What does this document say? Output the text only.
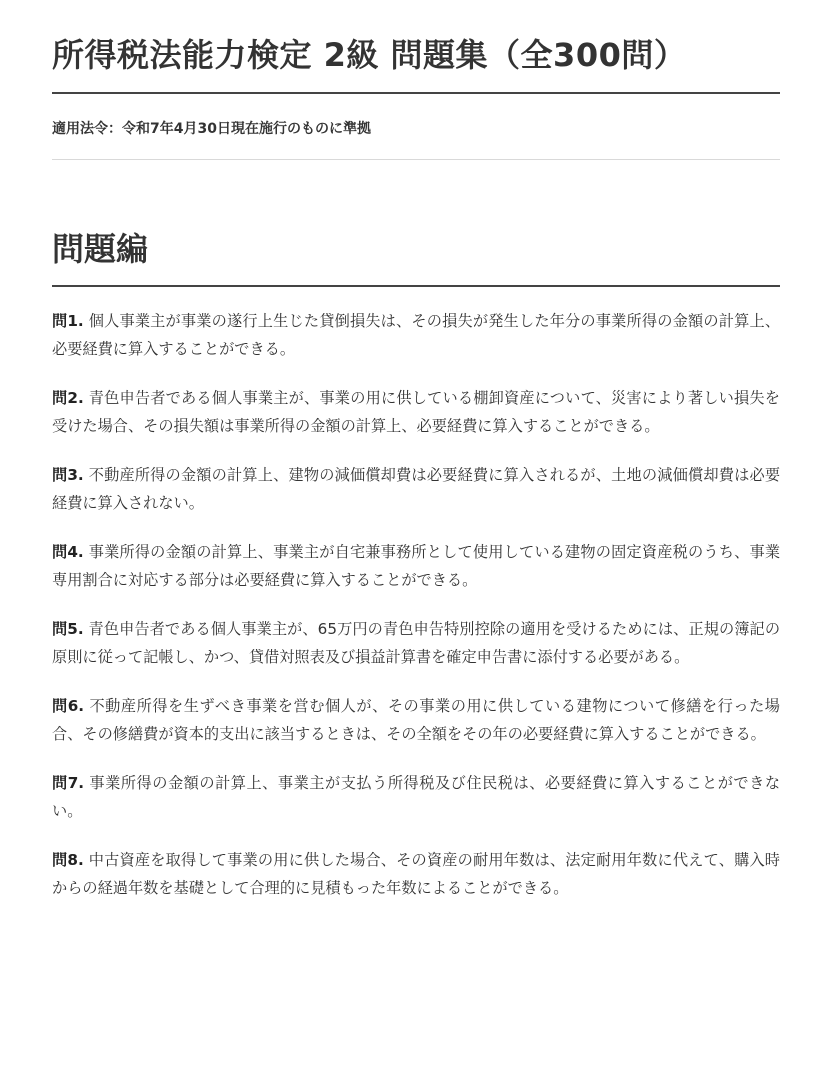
所得税法能力検定 2級 問題集（全300問）

適用法令：令和7年4月30日現在施行のものに準拠

問題編
問1. 個人事業主が事業の遂行上生じた貸倒損失は、その損失が発生した年分の事業所得の金額の計算上、必要経費に算入することができる。
問2. 青色申告者である個人事業主が、事業の用に供している棚卸資産について、災害により著しい損失を受けた場合、その損失額は事業所得の金額の計算上、必要経費に算入することができる。
問3. 不動産所得の金額の計算上、建物の減価償却費は必要経費に算入されるが、土地の減価償却費は必要経費に算入されない。
問4. 事業所得の金額の計算上、事業主が自宅兼事務所として使用している建物の固定資産税のうち、事業専用割合に対応する部分は必要経費に算入することができる。
問5. 青色申告者である個人事業主が、65万円の青色申告特別控除の適用を受けるためには、正規の簿記の原則に従って記帳し、かつ、貸借対照表及び損益計算書を確定申告書に添付する必要がある。
問6. 不動産所得を生ずべき事業を営む個人が、その事業の用に供している建物について修繕を行った場合、その修繕費が資本的支出に該当するときは、その全額をその年の必要経費に算入することができる。
問7. 事業所得の金額の計算上、事業主が支払う所得税及び住民税は、必要経費に算入することができない。
問8. 中古資産を取得して事業の用に供した場合、その資産の耐用年数は、法定耐用年数に代えて、購入時からの経過年数を基礎として合理的に見積もった年数によることができる。
